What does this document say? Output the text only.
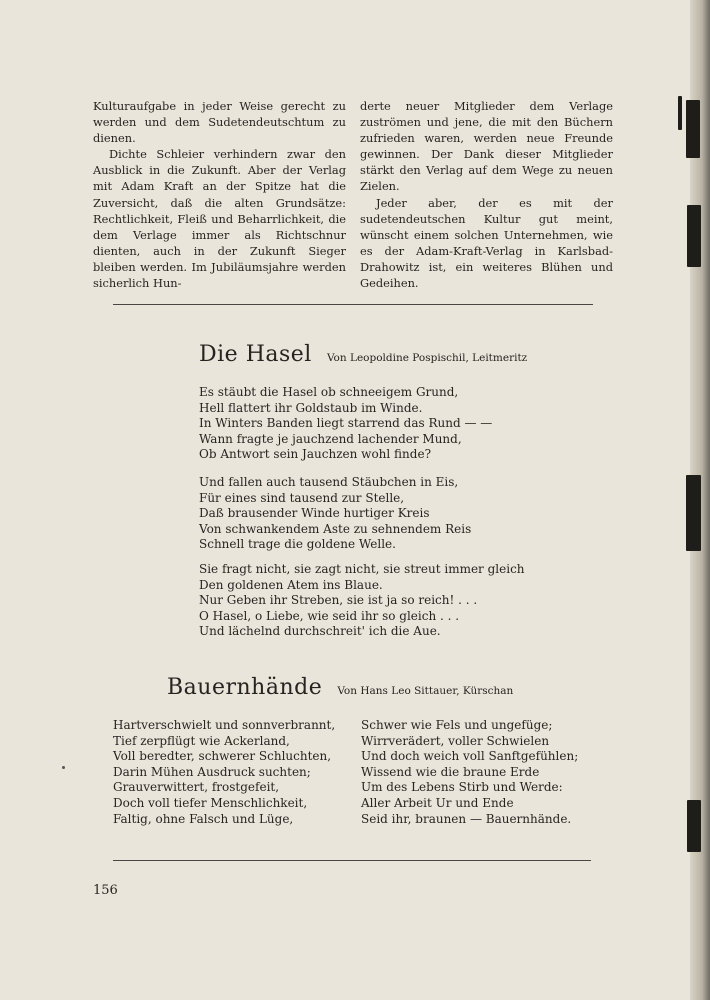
Kulturaufgabe in jeder Weise gerecht zu werden und dem Sudetendeutschtum zu dienen.

Dichte Schleier verhindern zwar den Ausblick in die Zukunft. Aber der Verlag mit Adam Kraft an der Spitze hat die Zuversicht, daß die alten Grundsätze: Rechtlichkeit, Fleiß und Beharrlichkeit, die dem Verlage immer als Richtschnur dienten, auch in der Zukunft Sieger bleiben werden. Im Jubiläumsjahre werden sicherlich Hun-

derte neuer Mitglieder dem Verlage zuströmen und jene, die mit den Büchern zufrieden waren, werden neue Freunde gewinnen. Der Dank dieser Mitglieder stärkt den Verlag auf dem Wege zu neuen Zielen.

Jeder aber, der es mit der sudetendeutschen Kultur gut meint, wünscht einem solchen Unternehmen, wie es der Adam-Kraft-Verlag in Karlsbad-Drahowitz ist, ein weiteres Blühen und Gedeihen.

Die Hasel Von Leopoldine Pospischil, Leitmeritz
Es stäubt die Hasel ob schneeigem Grund,
Hell flattert ihr Goldstaub im Winde.
In Winters Banden liegt starrend das Rund — —
Wann fragte je jauchzend lachender Mund,
Ob Antwort sein Jauchzen wohl finde?
Und fallen auch tausend Stäubchen in Eis,
Für eines sind tausend zur Stelle,
Daß brausender Winde hurtiger Kreis
Von schwankendem Aste zu sehnendem Reis
Schnell trage die goldene Welle.
Sie fragt nicht, sie zagt nicht, sie streut immer gleich
Den goldenen Atem ins Blaue.
Nur Geben ihr Streben, sie ist ja so reich! . . .
O Hasel, o Liebe, wie seid ihr so gleich . . .
Und lächelnd durchschreit' ich die Aue.
Bauernhände Von Hans Leo Sittauer, Kürschan
Hartverschwielt und sonnverbrannt,
Tief zerpflügt wie Ackerland,
Voll beredter, schwerer Schluchten,
Darin Mühen Ausdruck suchten;
Grauverwittert, frostgefeit,
Doch voll tiefer Menschlichkeit,
Faltig, ohne Falsch und Lüge,
Schwer wie Fels und ungefüge;
Wirrverädert, voller Schwielen
Und doch weich voll Sanftgefühlen;
Wissend wie die braune Erde
Um des Lebens Stirb und Werde:
Aller Arbeit Ur und Ende
Seid ihr, braunen — Bauernhände.
156
